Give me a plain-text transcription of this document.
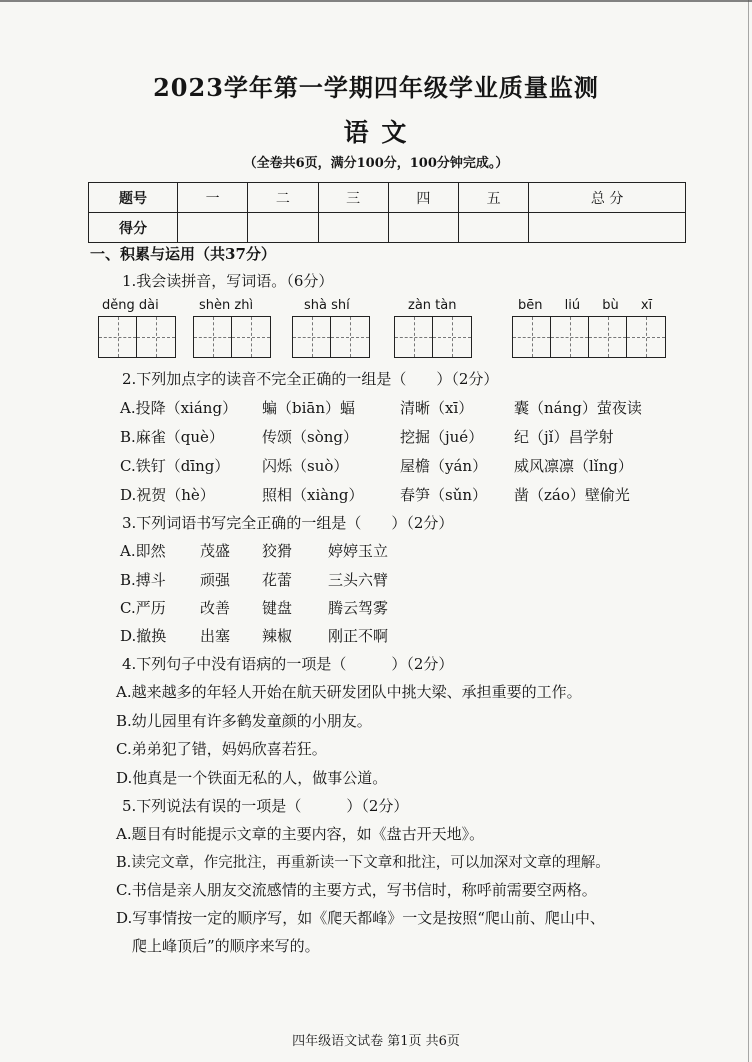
2023学年第一学期四年级学业质量监测
语 文
（全卷共6页，满分100分，100分钟完成。）
题号	一	二	三	四	五	总 分
得分						
一、积累与运用（共37分）
1.我会读拼音，写词语。（6分）
děng dài	shèn zhì	shà shí	zàn tàn	bēn liú bù xī
2.下列加点字的读音不完全正确的一组是（　　）（2分）
A.投降（xiáng） 蝙（biān）蝠	清晰（xī）	囊（náng）萤夜读
B.麻雀（què）	传颂（sòng）	挖掘（jué） 纪（jǐ）昌学射
C.铁钉（dīng） 闪烁（suò）	屋檐（yán） 威风凛凛（lǐng）
D.祝贺（hè）	照相（xiàng） 春笋（sǔn） 凿（záo）壁偷光
3.下列词语书写完全正确的一组是（　　）（2分）
A.即然 茂盛 狡猾 婷婷玉立
B.搏斗 顽强 花蕾 三头六臂
C.严历 改善 键盘 腾云驾雾
D.撤换 出塞 辣椒 刚正不啊
4.下列句子中没有语病的一项是（　　　）（2分）
A.越来越多的年轻人开始在航天研发团队中挑大梁、承担重要的工作。
B.幼儿园里有许多鹤发童颜的小朋友。
C.弟弟犯了错，妈妈欣喜若狂。
D.他真是一个铁面无私的人，做事公道。
5.下列说法有误的一项是（　　　）（2分）
A.题目有时能提示文章的主要内容，如《盘古开天地》。
B.读完文章，作完批注，再重新读一下文章和批注，可以加深对文章的理解。
C.书信是亲人朋友交流感情的主要方式，写书信时，称呼前需要空两格。
D.写事情按一定的顺序写，如《爬天都峰》一文是按照“爬山前、爬山中、
爬上峰顶后”的顺序来写的。
四年级语文试卷 第1页 共6页
